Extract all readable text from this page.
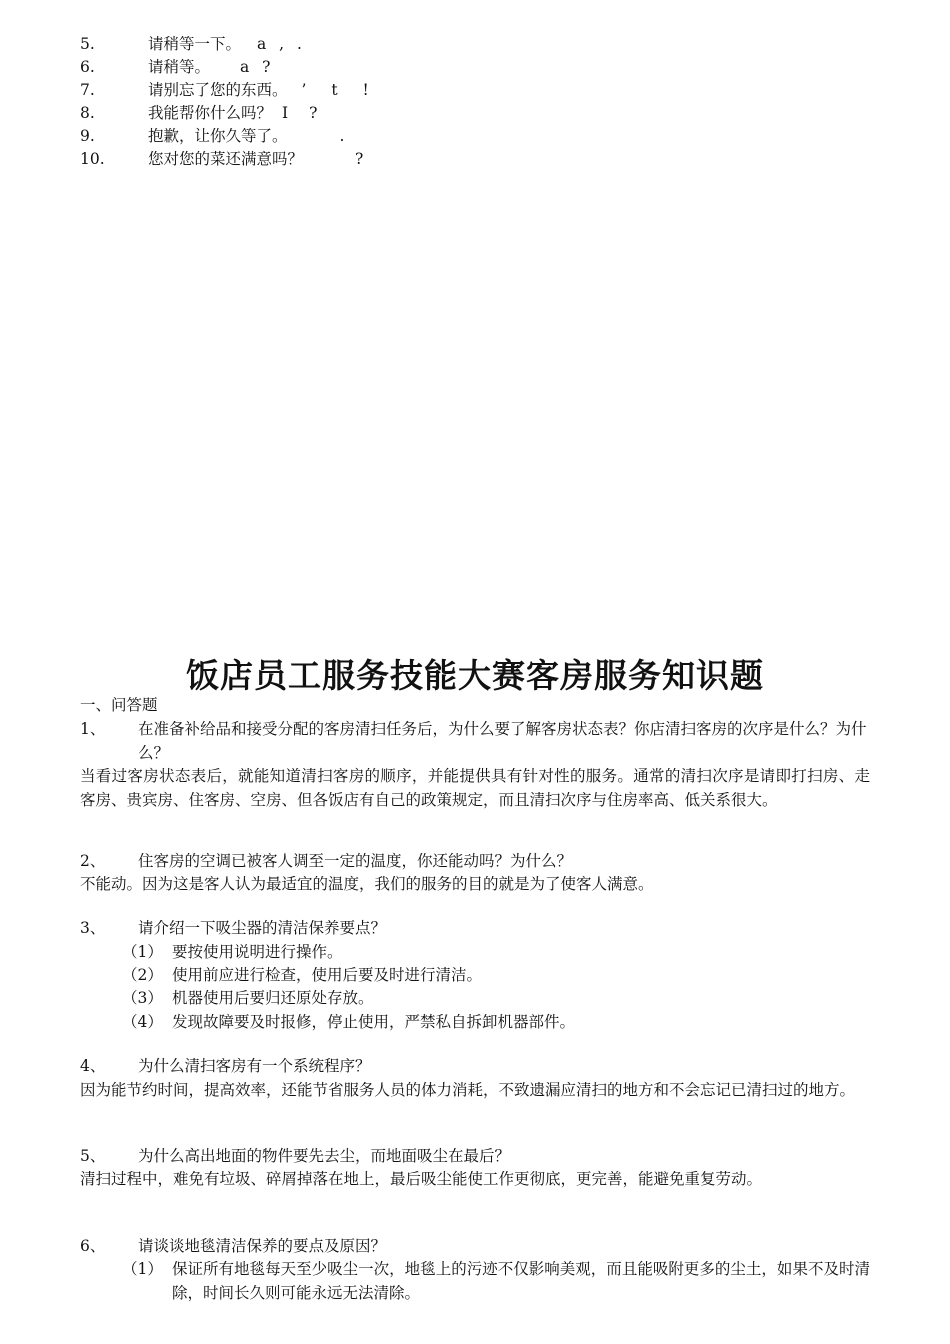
5.	请稍等一下。 a , .
6.	请稍等。 a ?
7.	请别忘了您的东西。 ’ t !
8.	我能帮你什么吗？ I ?
9.	抱歉，让你久等了。	.
10.	您对您的菜还满意吗？	?
饭店员工服务技能大赛客房服务知识题
一、问答题
1、 在准备补给品和接受分配的客房清扫任务后，为什么要了解客房状态表？你店清扫客房的次序是什么？为什么？
当看过客房状态表后，就能知道清扫客房的顺序，并能提供具有针对性的服务。通常的清扫次序是请即打扫房、走客房、贵宾房、住客房、空房、但各饭店有自己的政策规定，而且清扫次序与住房率高、低关系很大。
2、 住客房的空调已被客人调至一定的温度，你还能动吗？为什么？
不能动。因为这是客人认为最适宜的温度，我们的服务的目的就是为了使客人满意。
3、 请介绍一下吸尘器的清洁保养要点？
（1） 要按使用说明进行操作。
（2） 使用前应进行检查，使用后要及时进行清洁。
（3） 机器使用后要归还原处存放。
（4） 发现故障要及时报修，停止使用，严禁私自拆卸机器部件。
4、 为什么清扫客房有一个系统程序？
因为能节约时间，提高效率，还能节省服务人员的体力消耗，不致遗漏应清扫的地方和不会忘记已清扫过的地方。
5、 为什么高出地面的物件要先去尘，而地面吸尘在最后？
清扫过程中，难免有垃圾、碎屑掉落在地上，最后吸尘能使工作更彻底，更完善，能避免重复劳动。
6、 请谈谈地毯清洁保养的要点及原因？
（1） 保证所有地毯每天至少吸尘一次，地毯上的污迹不仅影响美观，而且能吸附更多的尘土，如果不及时清除，时间长久则可能永远无法清除。
